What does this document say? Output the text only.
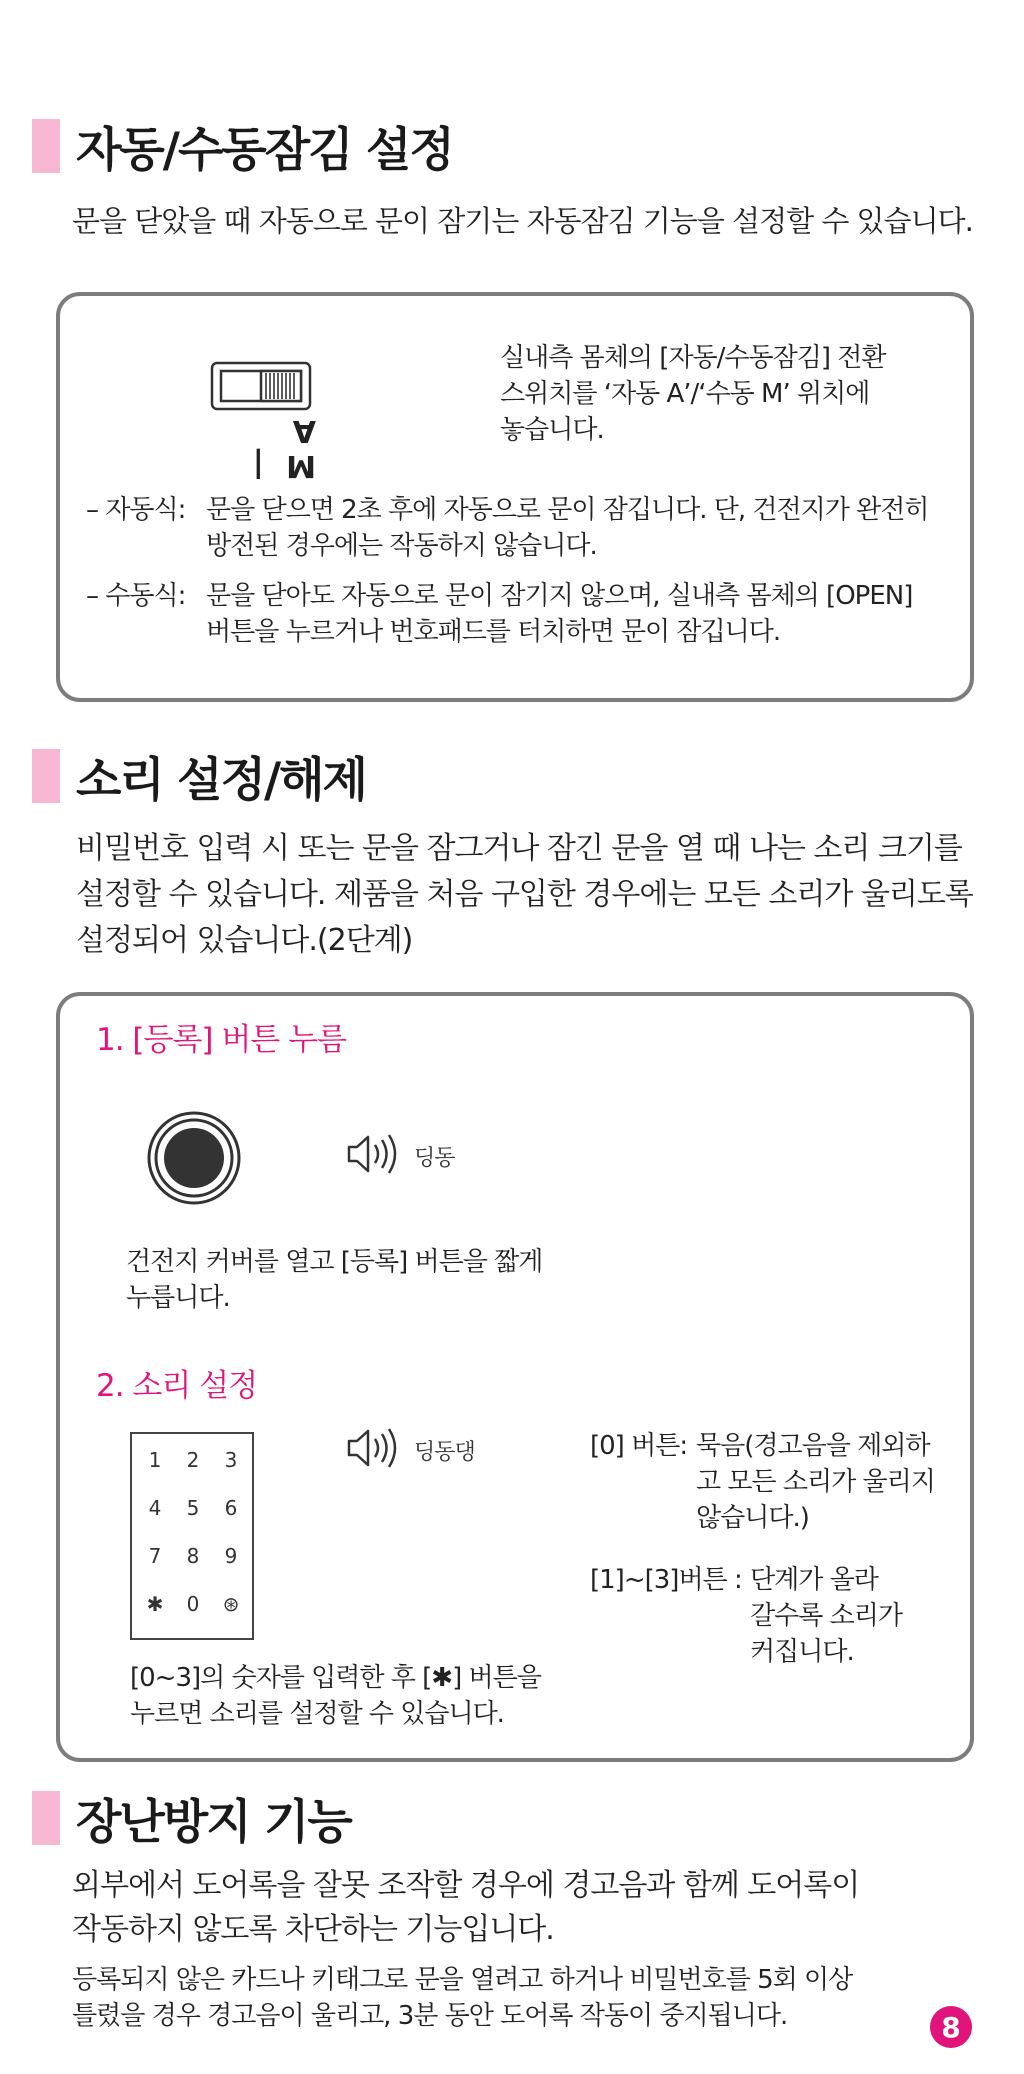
자동/수동잠김 설정
문을 닫았을 때 자동으로 문이 잠기는 자동잠김 기능을 설정할 수 있습니다.
M | A
실내측 몸체의 [자동/수동잠김] 전환
스위치를 ‘자동 A’/‘수동 M’ 위치에
놓습니다.
– 자동식: 문을 닫으면 2초 후에 자동으로 문이 잠깁니다. 단, 건전지가 완전히
방전된 경우에는 작동하지 않습니다.
– 수동식: 문을 닫아도 자동으로 문이 잠기지 않으며, 실내측 몸체의 [OPEN]
버튼을 누르거나 번호패드를 터치하면 문이 잠깁니다.
소리 설정/해제
비밀번호 입력 시 또는 문을 잠그거나 잠긴 문을 열 때 나는 소리 크기를
설정할 수 있습니다. 제품을 처음 구입한 경우에는 모든 소리가 울리도록
설정되어 있습니다.(2단계)
1. [등록] 버튼 누름
딩동
건전지 커버를 열고 [등록] 버튼을 짧게
누릅니다.
2. 소리 설정
1	2	3
4	5	6
7	8	9
✱	0	⊛
딩동댕	[0] 버튼: 묵음(경고음을 제외하
고 모든 소리가 울리지
않습니다.)
[1]~[3]버튼 : 단계가 올라
갈수록 소리가
커집니다.
[0~3]의 숫자를 입력한 후 [✱] 버튼을
누르면 소리를 설정할 수 있습니다.
장난방지 기능
외부에서 도어록을 잘못 조작할 경우에 경고음과 함께 도어록이
작동하지 않도록 차단하는 기능입니다.
등록되지 않은 카드나 키태그로 문을 열려고 하거나 비밀번호를 5회 이상
틀렸을 경우 경고음이 울리고, 3분 동안 도어록 작동이 중지됩니다.	8
